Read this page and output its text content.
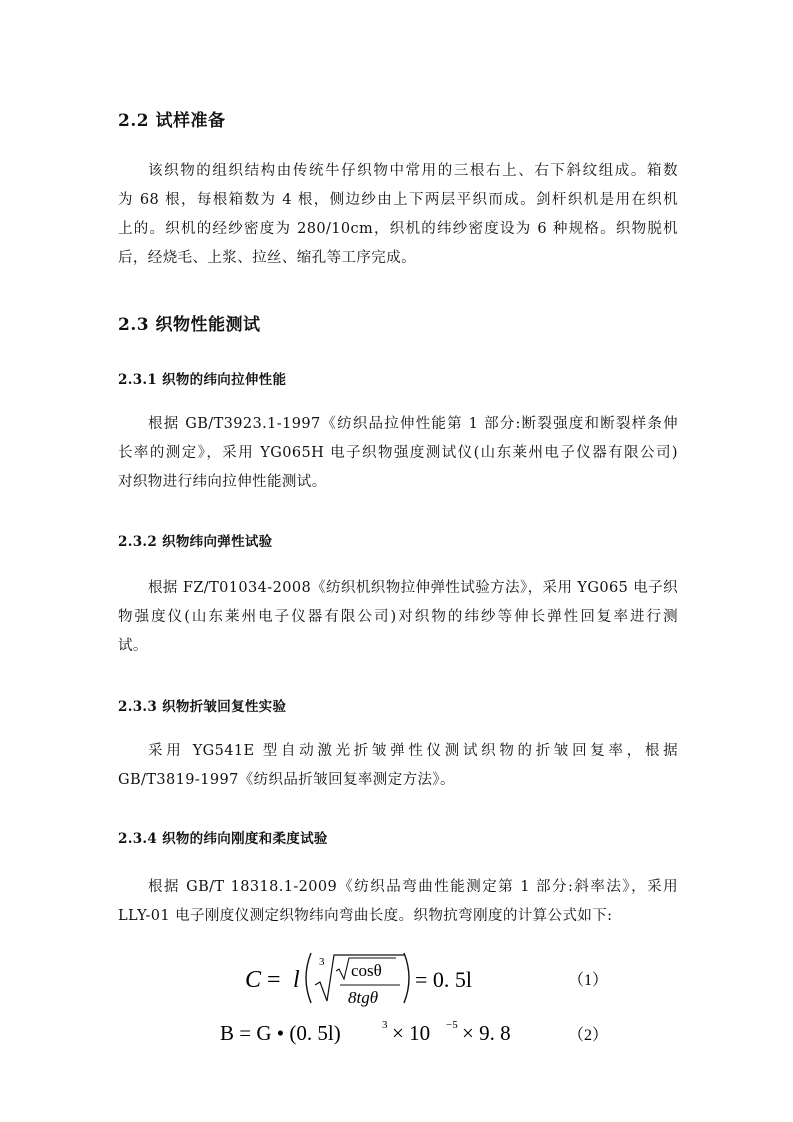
2.2 试样准备
该织物的组织结构由传统牛仔织物中常用的三根右上、右下斜纹组成。箱数
为 68 根，每根箱数为 4 根，侧边纱由上下两层平织而成。剑杆织机是用在织机
上的。织机的经纱密度为 280/10cm，织机的纬纱密度设为 6 种规格。织物脱机
后，经烧毛、上浆、拉丝、缩孔等工序完成。
2.3 织物性能测试
2.3.1 织物的纬向拉伸性能
根据 GB/T3923.1-1997《纺织品拉伸性能第 1 部分:断裂强度和断裂样条伸
长率的测定》，采用 YG065H 电子织物强度测试仪(山东莱州电子仪器有限公司)
对织物进行纬向拉伸性能测试。
2.3.2 织物纬向弹性试验
根据 FZ/T01034-2008《纺织机织物拉伸弹性试验方法》，采用 YG065 电子织
物强度仪(山东莱州电子仪器有限公司)对织物的纬纱等伸长弹性回复率进行测
试。
2.3.3 织物折皱回复性实验
采用 YG541E 型自动激光折皱弹性仪测试织物的折皱回复率，根据
GB/T3819-1997《纺织品折皱回复率测定方法》。
2.3.4 织物的纬向刚度和柔度试验
根据 GB/T 18318.1-2009《纺织品弯曲性能测定第 1 部分:斜率法》，采用
LLY-01 电子刚度仪测定织物纬向弯曲长度。织物抗弯刚度的计算公式如下:
C = l
3 cosθ
8tgθ
= 0. 5l	（1）
B = G • (0. 5l)	3 × 10 −5 × 9. 8	（2）
